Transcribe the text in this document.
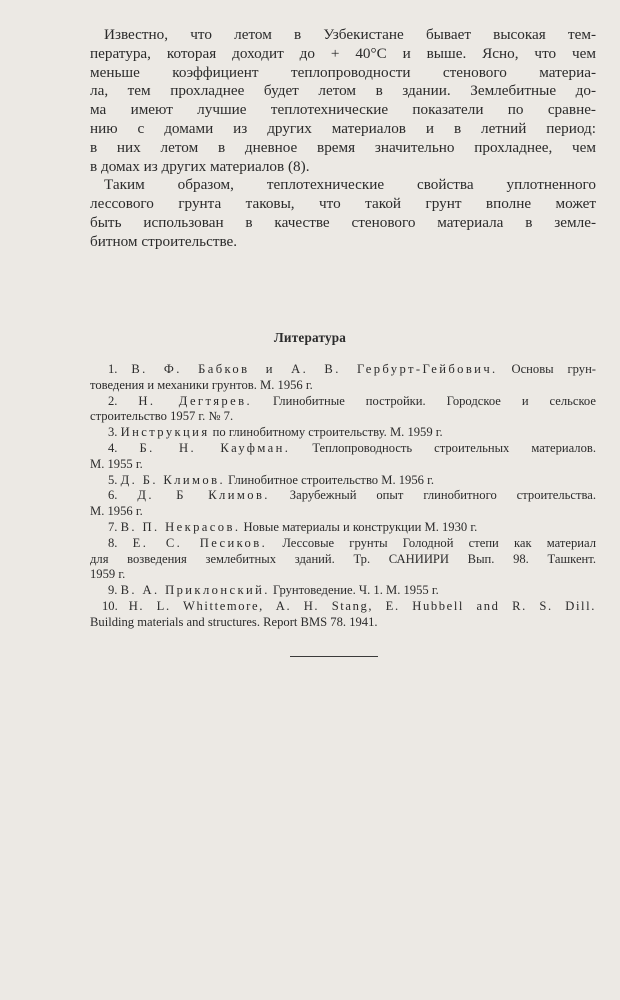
Известно, что летом в Узбекистане бывает высокая тем-
пература, которая доходит до + 40°С и выше. Ясно, что чем
меньше коэффициент теплопроводности стенового материа-
ла, тем прохладнее будет летом в здании. Землебитные до-
ма имеют лучшие теплотехнические показатели по сравне-
нию с домами из других материалов и в летний период:
в них летом в дневное время значительно прохладнее, чем
в домах из других материалов (8).
Таким образом, теплотехнические свойства уплотненного
лессового грунта таковы, что такой грунт вполне может
быть использован в качестве стенового материала в земле-
битном строительстве.
Литература
1. В. Ф. Бабков и А. В. Гербурт-Гейбович. Основы грун-
товедения и механики грунтов. М. 1956 г.
2. Н. Дегтярев. Глинобитные постройки. Городское и сельское
строительство 1957 г. № 7.
3. Инструкция по глинобитному строительству. М. 1959 г.
4. Б. Н. Кауфман. Теплопроводность строительных материалов.
М. 1955 г.
5. Д. Б. Климов. Глинобитное строительство М. 1956 г.
6. Д. Б Климов. Зарубежный опыт глинобитного строительства.
М. 1956 г.
7. В. П. Некрасов. Новые материалы и конструкции М. 1930 г.
8. Е. С. Песиков. Лессовые грунты Голодной степи как материал
для возведения землебитных зданий. Тр. САНИИРИ Вып. 98. Ташкент.
1959 г.
9. В. А. Приклонский. Грунтоведение. Ч. 1. М. 1955 г.
10. H. L. Whittemore, A. H. Stang, E. Hubbell and R. S. Dill.
Building materials and structures. Report BMS 78. 1941.
